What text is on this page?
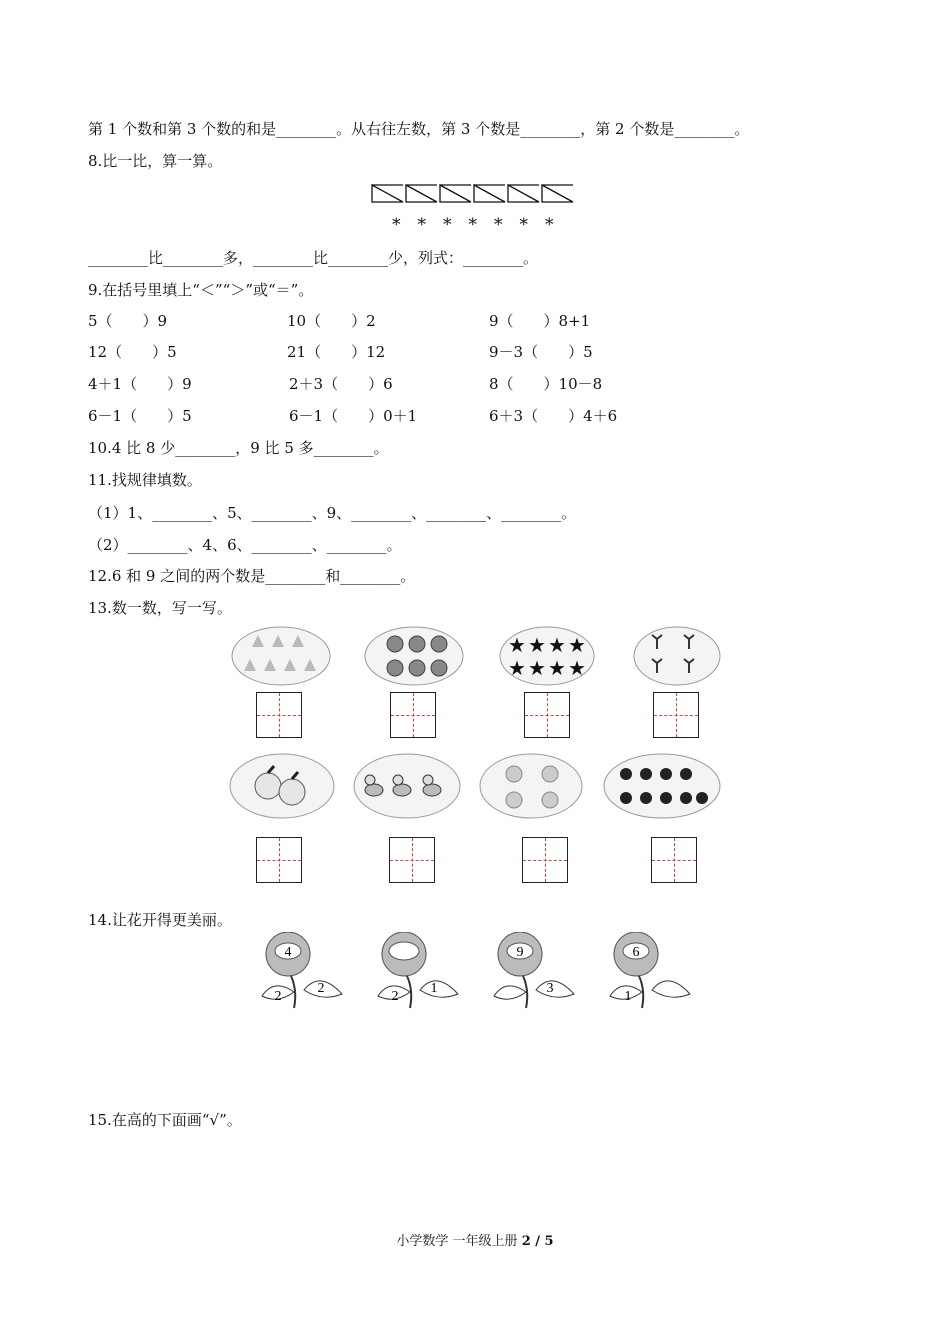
第 1 个数和第 3 个数的和是________。从右往左数，第 3 个数是________，第 2 个数是________。
8.比一比，算一算。
* * * * * * *
________比________多，________比________少，列式：________。
9.在括号里填上“＜”“＞”或“＝”。
5（　　）9	10（　　）2	9（　　）8+1
12（　　）5	21（　　）12	9－3（　　）5
4＋1（　　）9	2＋3（　　）6	8（　　）10－8
6－1（　　）5	6－1（　　）0＋1	6＋3（　　）4＋6
10.4 比 8 少________，9 比 5 多________。
11.找规律填数。
（1）1、________、5、________、9、________、________、________。
（2）________、4、6、________、________。
12.6 和 9 之间的两个数是________和________。
13.数一数，写一写。
★ ★ ★ ★
★ ★ ★ ★
14.让花开得更美丽。
4
2
2
2
1
9
3
6
1
15.在高的下面画“√”。
小学数学 一年级上册 2 / 5
